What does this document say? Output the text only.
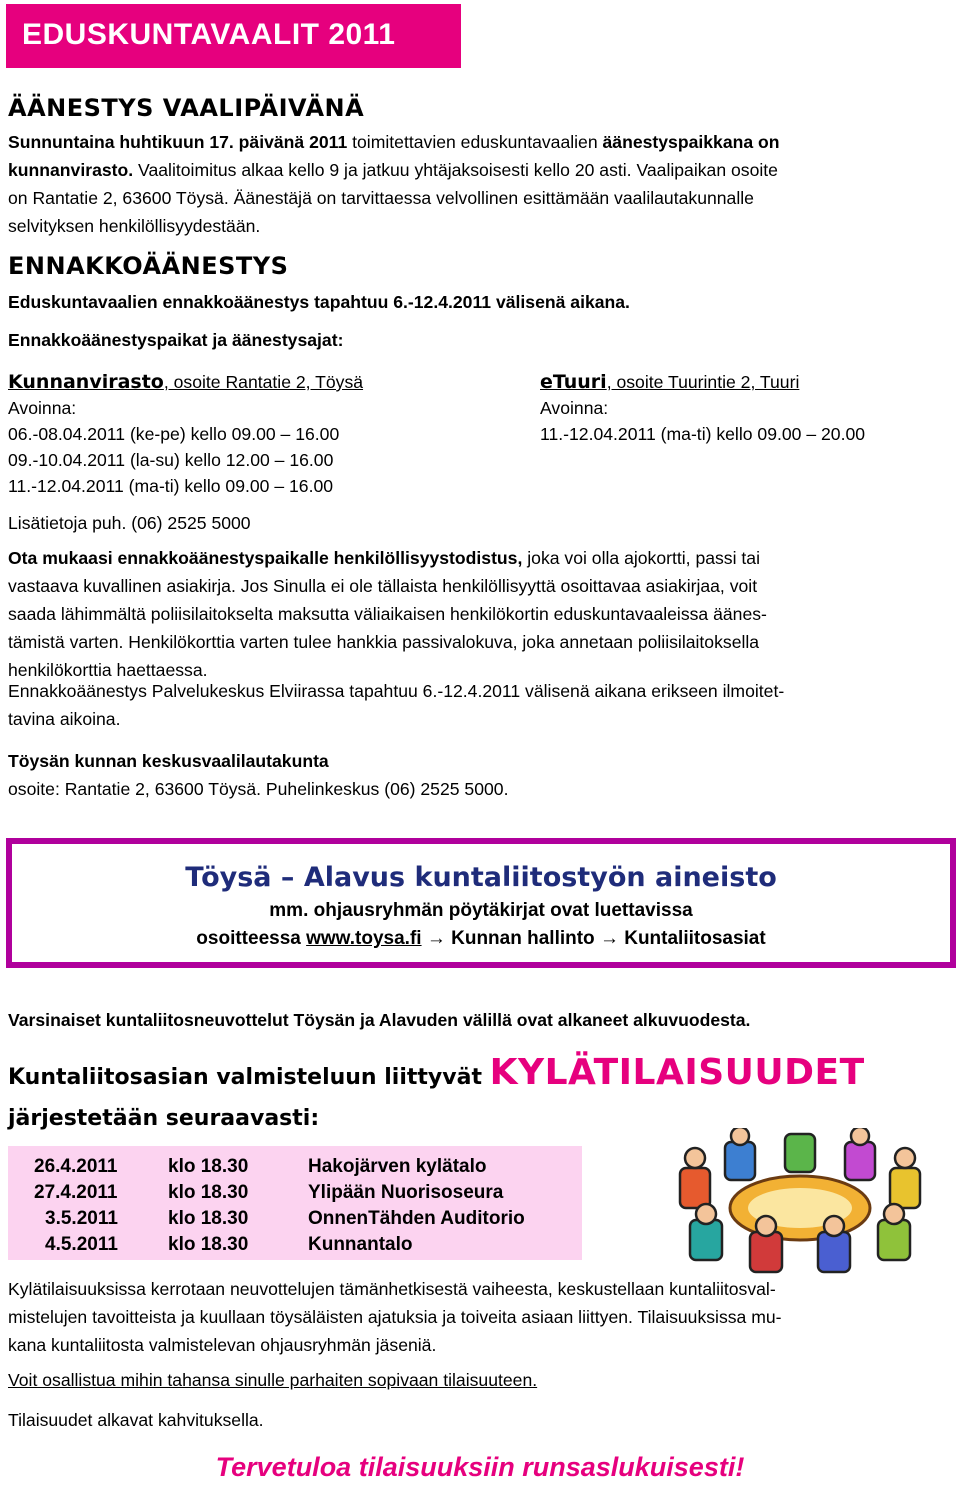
EDUSKUNTAVAALIT 2011
ÄÄNESTYS VAALIPÄIVÄNÄ
Sunnuntaina huhtikuun 17. päivänä 2011 toimitettavien eduskuntavaalien äänestyspaikkana on
kunnanvirasto. Vaalitoimitus alkaa kello 9 ja jatkuu yhtäjaksoisesti kello 20 asti. Vaalipaikan osoite
on Rantatie 2, 63600 Töysä. Äänestäjä on tarvittaessa velvollinen esittämään vaalilautakunnalle
selvityksen henkilöllisyydestään.
ENNAKKOÄÄNESTYS
Eduskuntavaalien ennakkoäänestys tapahtuu 6.-12.4.2011 välisenä aikana.
Ennakkoäänestyspaikat ja äänestysajat:
Kunnanvirasto, osoite Rantatie 2, Töysä
Avoinna:
06.-08.04.2011 (ke-pe) kello 09.00 – 16.00
09.-10.04.2011 (la-su) kello 12.00 – 16.00
11.-12.04.2011 (ma-ti) kello 09.00 – 16.00
eTuuri, osoite Tuurintie 2, Tuuri
Avoinna:
11.-12.04.2011 (ma-ti) kello 09.00 – 20.00
Lisätietoja puh. (06) 2525 5000
Ota mukaasi ennakkoäänestyspaikalle henkilöllisyystodistus, joka voi olla ajokortti, passi tai
vastaava kuvallinen asiakirja. Jos Sinulla ei ole tällaista henkilöllisyyttä osoittavaa asiakirjaa, voit
saada lähimmältä poliisilaitokselta maksutta väliaikaisen henkilökortin eduskuntavaaleissa äänes-
tämistä varten. Henkilökorttia varten tulee hankkia passivalokuva, joka annetaan poliisilaitoksella
henkilökorttia haettaessa.
Ennakkoäänestys Palvelukeskus Elviirassa tapahtuu 6.-12.4.2011 välisenä aikana erikseen ilmoitet-
tavina aikoina.
Töysän kunnan keskusvaalilautakunta
osoite: Rantatie 2, 63600 Töysä. Puhelinkeskus (06) 2525 5000.
Töysä – Alavus kuntaliitostyön aineisto
mm. ohjausryhmän pöytäkirjat ovat luettavissa
osoitteessa www.toysa.fi → Kunnan hallinto → Kuntaliitosasiat
Varsinaiset kuntaliitosneuvottelut Töysän ja Alavuden välillä ovat alkaneet alkuvuodesta.
Kuntaliitosasian valmisteluun liittyvät KYLÄTILAISUUDET
järjestetään seuraavasti:
26.4.2011	klo 18.30	Hakojärven kylätalo
27.4.2011	klo 18.30	Ylipään Nuorisoseura
3.5.2011	klo 18.30	OnnenTähden Auditorio
4.5.2011	klo 18.30	Kunnantalo
Kylätilaisuuksissa kerrotaan neuvottelujen tämänhetkisestä vaiheesta, keskustellaan kuntaliitosval-
mistelujen tavoitteista ja kuullaan töysäläisten ajatuksia ja toiveita asiaan liittyen. Tilaisuuksissa mu-
kana kuntaliitosta valmistelevan ohjausryhmän jäseniä.
Voit osallistua mihin tahansa sinulle parhaiten sopivaan tilaisuuteen.
Tilaisuudet alkavat kahvituksella.
Tervetuloa tilaisuuksiin runsaslukuisesti!
